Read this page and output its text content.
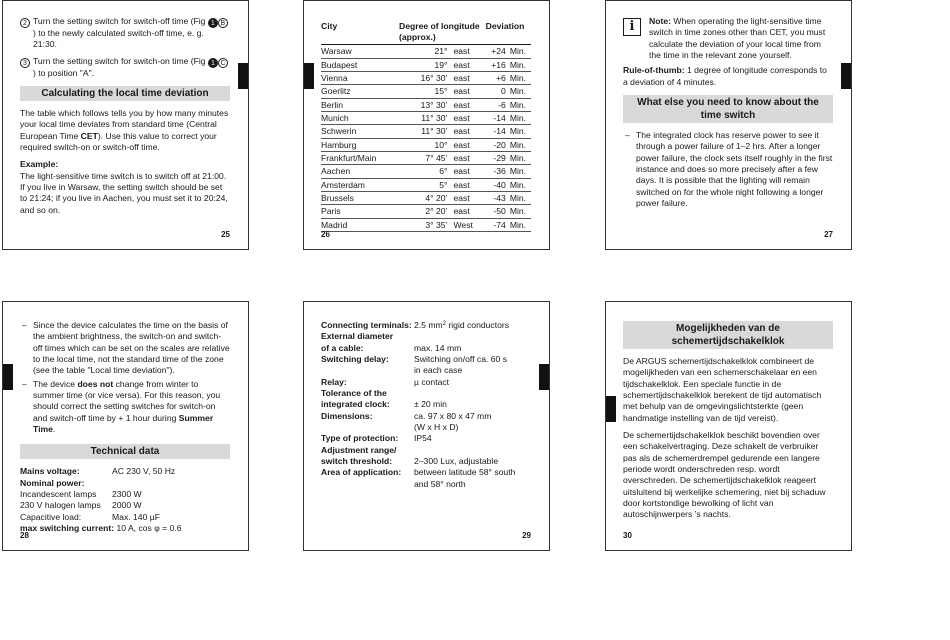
2 Turn the setting switch for switch-off time (Fig 1 B) to the newly calculated switch-off time, e. g. 21:30.
3 Turn the setting switch for switch-on time (Fig 1 C) to position "A".
Calculating the local time deviation

The table which follows tells you by how many minutes your local time deviates from standard time (Central European Time CET). Use this value to correct your required switch-on or switch-off time.

Example:

The light-sensitive time switch is to switch off at 21:00. If you live in Warsaw, the setting switch should be set to 21:24; if you live in Aachen, you must set it to 20:24, and so on.

25
City	Degree of longitude (approx.)		Deviation	
Warsaw	21°	east	+24	Min.
Budapest	19°	east	+16	Min.
Vienna	16° 30’	east	+6	Min.
Goerlitz	15°	east	0	Min.
Berlin	13° 30’	east	-6	Min.
Munich	11° 30’	east	-14	Min.
Schwerin	11° 30’	east	-14	Min.
Hamburg	10°	east	-20	Min.
Frankfurt/Main	7° 45’	east	-29	Min.
Aachen	6°	east	-36	Min.
Amsterdam	5°	east	-40	Min.
Brussels	4° 20’	east	-43	Min.
Paris	2° 20’	east	-50	Min.
Madrid	3° 35’	West	-74	Min.
26
i	Note: When operating the light-sensitive time switch in time zones other than CET, you must calculate the deviation of your local time from the time in the relevant zone yourself.

Rule-of-thumb: 1 degree of longitude corresponds to a deviation of 4 minutes.

What else you need to know about the time switch
– The integrated clock has reserve power to see it through a power failure of 1–2 hrs. After a longer power failure, the clock sets itself roughly in the first instance and does so more precisely after a few days. It is possible that the lighting will remain switched on for the whole night following a longer power failure.
27
– Since the device calculates the time on the basis of the ambient brightness, the switch-on and switch-off times which can be set on the scales are relative to the local time, not the standard time of the zone (see the table "Local time deviation").
– The device does not change from winter to summer time (or vice versa). For this reason, you should correct the setting switches for switch-on and switch-off time by + 1 hour during Summer Time.
Technical data
Mains voltage:	AC 230 V, 50 Hz
Nominal power:
Incandescent lamps	2300 W
230 V halogen lamps	2000 W
Capacitive load:	Max. 140 µF
max switching current: 10 A, cos φ = 0.6
28
Connecting terminals: 2.5 $mm^2$ rigid conductors
External diameter
of a cable:	max. 14 mm
Switching delay:	Switching on/off ca. 60 s
in each case
Relay:	µ contact
Tolerance of the
integrated clock:	± 20 min
Dimensions:	ca. 97 x 80 x 47 mm
(W x H x D)
Type of protection:	IP54
Adjustment range/
switch threshold:	2–300 Lux, adjustable
Area of application:	between latitude 58° south
and 58° north
29
Mogelijkheden van de schemertijdschakelklok

De ARGUS schemertijdschakelklok combineert de mogelijkheden van een schemerschakelaar en een tijdschakelklok. Een speciale functie in de schemertijdschakelklok berekent de tijd automatisch met behulp van de omgevingslichtsterkte (geen handmatige instelling van de tijd vereist).

De schemertijdschakelklok beschikt bovendien over een schakelvertraging. Deze schakelt de verbruiker pas als de schemerdrempel gedurende een langere periode wordt onderschreden resp. wordt overschreden. De schemertijdschakelklok reageert uitsluitend bij werkelijke schemering, niet bij schaduw door kortstondige bewolking of licht van autoschijnwerpers ’s nachts.

30
